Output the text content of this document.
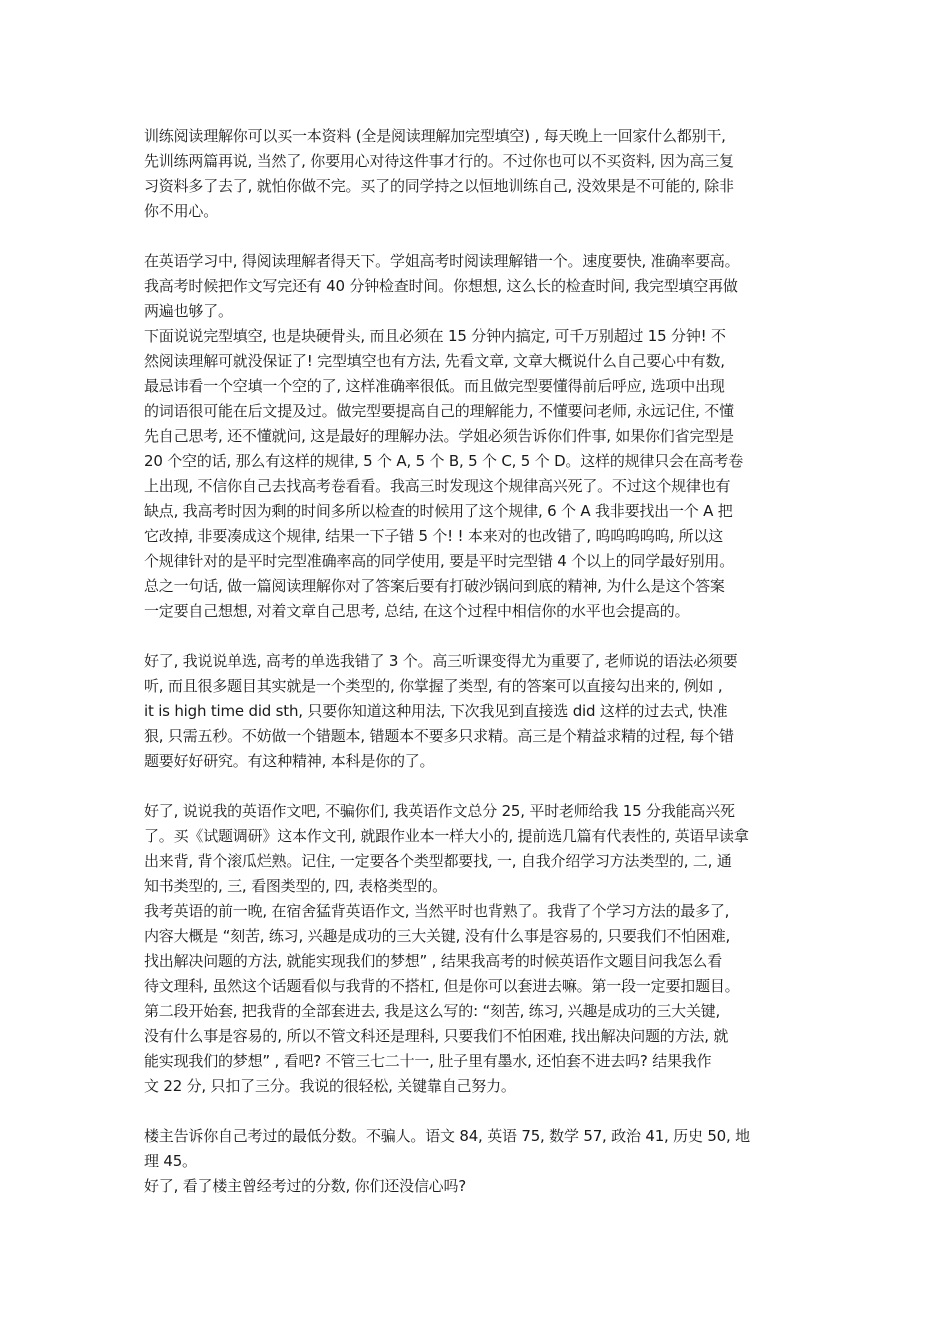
训练阅读理解你可以买一本资料 (全是阅读理解加完型填空) , 每天晚上一回家什么都别干,
先训练两篇再说, 当然了, 你要用心对待这件事才行的。不过你也可以不买资料, 因为高三复
习资料多了去了, 就怕你做不完。买了的同学持之以恒地训练自己, 没效果是不可能的, 除非
你不用心。
在英语学习中, 得阅读理解者得天下。学姐高考时阅读理解错一个。速度要快, 准确率要高。
我高考时候把作文写完还有 40 分钟检查时间。你想想, 这么长的检查时间, 我完型填空再做
两遍也够了。
下面说说完型填空, 也是块硬骨头, 而且必须在 15 分钟内搞定, 可千万别超过 15 分钟! 不
然阅读理解可就没保证了! 完型填空也有方法, 先看文章, 文章大概说什么自己要心中有数,
最忌讳看一个空填一个空的了, 这样准确率很低。而且做完型要懂得前后呼应, 选项中出现
的词语很可能在后文提及过。做完型要提高自己的理解能力, 不懂要问老师, 永远记住, 不懂
先自己思考, 还不懂就问, 这是最好的理解办法。学姐必须告诉你们件事, 如果你们省完型是
20 个空的话, 那么有这样的规律, 5 个 A, 5 个 B, 5 个 C, 5 个 D。这样的规律只会在高考卷
上出现, 不信你自己去找高考卷看看。我高三时发现这个规律高兴死了。不过这个规律也有
缺点, 我高考时因为剩的时间多所以检查的时候用了这个规律, 6 个 A 我非要找出一个 A 把
它改掉, 非要凑成这个规律, 结果一下子错 5 个! ! 本来对的也改错了, 呜呜呜呜呜, 所以这
个规律针对的是平时完型准确率高的同学使用, 要是平时完型错 4 个以上的同学最好别用。
总之一句话, 做一篇阅读理解你对了答案后要有打破沙锅问到底的精神, 为什么是这个答案
一定要自己想想, 对着文章自己思考, 总结, 在这个过程中相信你的水平也会提高的。
好了, 我说说单选, 高考的单选我错了 3 个。高三听课变得尤为重要了, 老师说的语法必须要
听, 而且很多题目其实就是一个类型的, 你掌握了类型, 有的答案可以直接勾出来的, 例如 ,
it is high time did sth, 只要你知道这种用法, 下次我见到直接选 did 这样的过去式, 快准
狠, 只需五秒。不妨做一个错题本, 错题本不要多只求精。高三是个精益求精的过程, 每个错
题要好好研究。有这种精神, 本科是你的了。
好了, 说说我的英语作文吧, 不骗你们, 我英语作文总分 25, 平时老师给我 15 分我能高兴死
了。买《试题调研》这本作文刊, 就跟作业本一样大小的, 提前选几篇有代表性的, 英语早读拿
出来背, 背个滚瓜烂熟。记住, 一定要各个类型都要找, 一, 自我介绍学习方法类型的, 二, 通
知书类型的, 三, 看图类型的, 四, 表格类型的。
我考英语的前一晚, 在宿舍猛背英语作文, 当然平时也背熟了。我背了个学习方法的最多了,
内容大概是 “刻苦, 练习, 兴趣是成功的三大关键, 没有什么事是容易的, 只要我们不怕困难,
找出解决问题的方法, 就能实现我们的梦想” , 结果我高考的时候英语作文题目问我怎么看
待文理科, 虽然这个话题看似与我背的不搭杠, 但是你可以套进去嘛。第一段一定要扣题目。
第二段开始套, 把我背的全部套进去, 我是这么写的: “刻苦, 练习, 兴趣是成功的三大关键,
没有什么事是容易的, 所以不管文科还是理科, 只要我们不怕困难, 找出解决问题的方法, 就
能实现我们的梦想” , 看吧? 不管三七二十一, 肚子里有墨水, 还怕套不进去吗? 结果我作
文 22 分, 只扣了三分。我说的很轻松, 关键靠自己努力。
楼主告诉你自己考过的最低分数。不骗人。语文 84, 英语 75, 数学 57, 政治 41, 历史 50, 地
理 45。
好了, 看了楼主曾经考过的分数, 你们还没信心吗?
